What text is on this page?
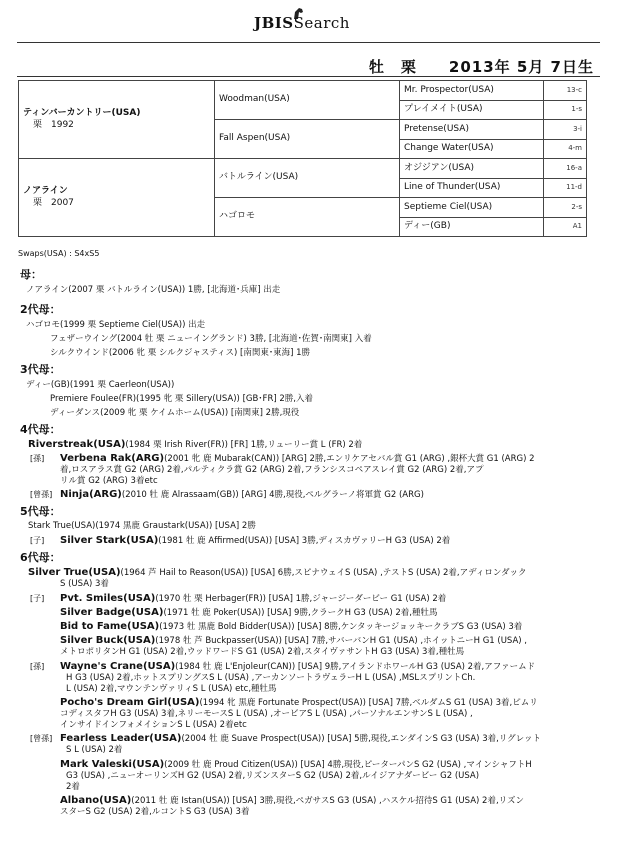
JBISSearch
牡　栗　　2013年 5月 7日生
ティンバーカントリー(USA)
栗　1992	Woodman(USA)	Mr. Prospector(USA)	13-c
		プレイメイト(USA)	1-s
	Fall Aspen(USA)	Pretense(USA)	3-i
		Change Water(USA)	4-m
ノアライン
栗　2007	バトルライン(USA)	オジジアン(USA)	16-a
		Line of Thunder(USA)	11-d
	ハゴロモ	Septieme Ciel(USA)	2-s
		ディー(GB)	A1
Swaps(USA) : S4xS5
母：
ノアライン(2007 栗 バトルライン(USA)) 1勝, [北海道･兵庫] 出走
2代母：
ハゴロモ(1999 栗 Septieme Ciel(USA)) 出走
フェザーウイング(2004 牡 栗 ニューイングランド) 3勝, [北海道･佐賀･南関東] 入着
シルクウインド(2006 牝 栗 シルクジャスティス) [南関東･東海] 1勝
3代母：
ディー(GB)(1991 栗 Caerleon(USA))
Premiere Foulee(FR)(1995 牝 栗 Sillery(USA)) [GB･FR] 2勝,入着
ディーダンス(2009 牝 栗 ケイムホーム(USA)) [南関東] 2勝,現役
4代母：
Riverstreak(USA)(1984 栗 Irish River(FR)) [FR] 1勝,リューリー賞 L (FR) 2着
[孫] Verbena Rak(ARG)(2001 牝 鹿 Mubarak(CAN)) [ARG] 2勝,エンリケアセバル賞 G1 (ARG) ,銀杯大賞 G1 (ARG) 2
着,ロスアラス賞 G2 (ARG) 2着,パルティクラ賞 G2 (ARG) 2着,フランシスコペアスレイ賞 G2 (ARG) 2着,アプ
リル賞 G2 (ARG) 3着etc
[曾孫] Ninja(ARG)(2010 牡 鹿 Alrassaam(GB)) [ARG] 4勝,現役,ペルグラーノ将軍賞 G2 (ARG)
5代母：
Stark True(USA)(1974 黒鹿 Graustark(USA)) [USA] 2勝
[子] Silver Stark(USA)(1981 牡 鹿 Affirmed(USA)) [USA] 3勝,ディスカヴァリーH G3 (USA) 2着
6代母：
Silver True(USA)(1964 芦 Hail to Reason(USA)) [USA] 6勝,スピナウェイS (USA) ,テストS (USA) 2着,アディロンダック
S (USA) 3着
[子] Pvt. Smiles(USA)(1970 牡 栗 Herbager(FR)) [USA] 1勝,ジャージーダービー G1 (USA) 2着
Silver Badge(USA)(1971 牡 鹿 Poker(USA)) [USA] 9勝,クラークH G3 (USA) 2着,種牡馬
Bid to Fame(USA)(1973 牡 黒鹿 Bold Bidder(USA)) [USA] 8勝,ケンタッキージョッキークラブS G3 (USA) 3着
Silver Buck(USA)(1978 牡 芦 Buckpasser(USA)) [USA] 7勝,サバーバンH G1 (USA) ,ホイットニーH G1 (USA) ,
メトロポリタンH G1 (USA) 2着,ウッドワードS G1 (USA) 2着,スタイヴァサントH G3 (USA) 3着,種牡馬
[孫] Wayne's Crane(USA)(1984 牡 鹿 L'Enjoleur(CAN)) [USA] 9勝,アイランドホワールH G3 (USA) 2着,アファームド
H G3 (USA) 2着,ホットスプリングスS L (USA) ,アーカンソートラヴェラーH L (USA) ,MSLスプリントCh.
L (USA) 2着,マウンテンヴァリィS L (USA) etc,種牡馬
Pocho's Dream Girl(USA)(1994 牝 黒鹿 Fortunate Prospect(USA)) [USA] 7勝,ベルダムS G1 (USA) 3着,ピムリ
コディスタフH G3 (USA) 3着,ネリーモースS L (USA) ,オービアS L (USA) ,パーソナルエンサンS L (USA) ,
インサイドインフォメイションS L (USA) 2着etc
[曾孫] Fearless Leader(USA)(2004 牡 鹿 Suave Prospect(USA)) [USA] 5勝,現役,エンダインS G3 (USA) 3着,リグレット
S L (USA) 2着
Mark Valeski(USA)(2009 牡 鹿 Proud Citizen(USA)) [USA] 4勝,現役,ピーターパンS G2 (USA) ,マインシャフトH
G3 (USA) ,ニューオーリンズH G2 (USA) 2着,リズンスターS G2 (USA) 2着,ルイジアナダービー G2 (USA)
2着
Albano(USA)(2011 牡 鹿 Istan(USA)) [USA] 3勝,現役,ペガサスS G3 (USA) ,ハスケル招待S G1 (USA) 2着,リズン
スターS G2 (USA) 2着,ルコントS G3 (USA) 3着
